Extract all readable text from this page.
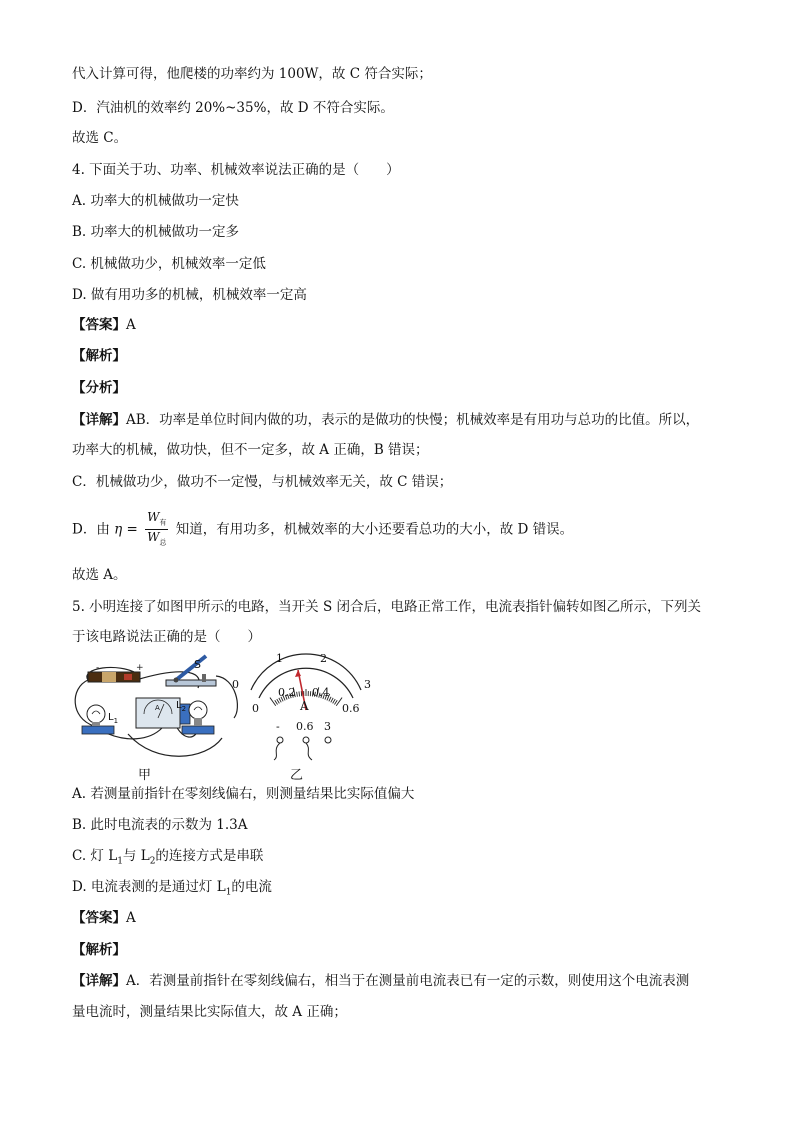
代入计算可得，他爬楼的功率约为 100W，故 C 符合实际；
D．汽油机的效率约 20%~35%，故 D 不符合实际。
故选 C。
4. 下面关于功、功率、机械效率说法正确的是（　　）
A. 功率大的机械做功一定快
B. 功率大的机械做功一定多
C. 机械做功少，机械效率一定低
D. 做有用功多的机械，机械效率一定高
【答案】A
【解析】
【分析】
【详解】AB．功率是单位时间内做的功，表示的是做功的快慢；机械效率是有用功与总功的比值。所以，
功率大的机械，做功快，但不一定多，故 A 正确，B 错误；
C．机械做功少，做功不一定慢，与机械效率无关，故 C 错误；
D．由 $\eta = \frac{W_有}{W_总}$ 知道，有用功多，机械效率的大小还要看总功的大小，故 D 错误。
故选 A。
5. 小明连接了如图甲所示的电路，当开关 S 闭合后，电路正常工作，电流表指针偏转如图乙所示，下列关
于该电路说法正确的是（　　）
-	+	S
A
$L_1$
$L_2$
0
1	2
3
0
0.2 0.4
0.6
A
- 0.6 3
甲	乙
A. 若测量前指针在零刻线偏右，则测量结果比实际值偏大
B. 此时电流表的示数为 1.3A
C. 灯 $L_1$与 $L_2$的连接方式是串联
D. 电流表测的是通过灯 $L_1$的电流
【答案】A
【解析】
【详解】A．若测量前指针在零刻线偏右，相当于在测量前电流表已有一定的示数，则使用这个电流表测
量电流时，测量结果比实际值大，故 A 正确；
